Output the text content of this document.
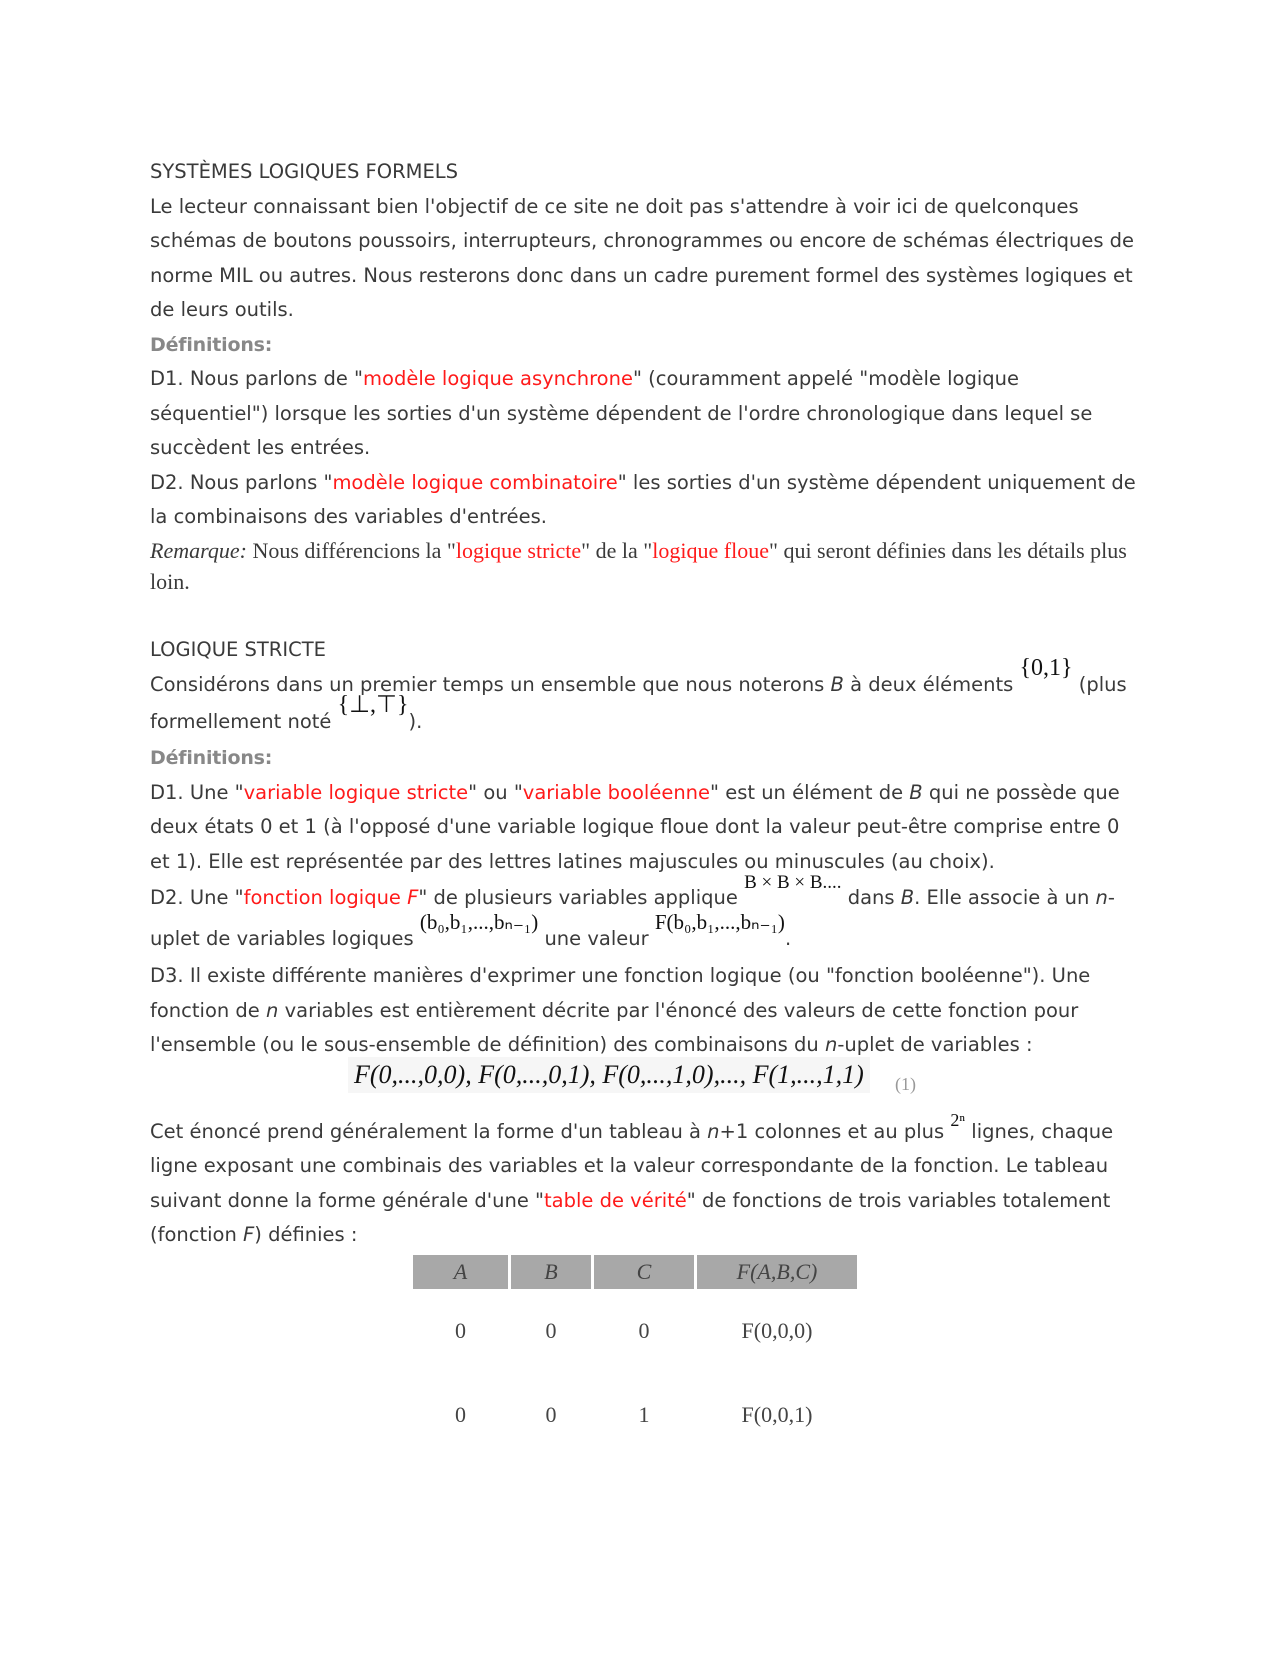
SYSTÈMES LOGIQUES FORMELS

Le lecteur connaissant bien l'objectif de ce site ne doit pas s'attendre à voir ici de quelconques schémas de boutons poussoirs, interrupteurs, chronogrammes ou encore de schémas électriques de norme MIL ou autres. Nous resterons donc dans un cadre purement formel des systèmes logiques et de leurs outils.

Définitions:

D1. Nous parlons de "modèle logique asynchrone" (couramment appelé "modèle logique séquentiel") lorsque les sorties d'un système dépendent de l'ordre chronologique dans lequel se succèdent les entrées.

D2. Nous parlons "modèle logique combinatoire" les sorties d'un système dépendent uniquement de la combinaisons des variables d'entrées.

Remarque: Nous différencions la "logique stricte" de la "logique floue" qui seront définies dans les détails plus loin.

LOGIQUE STRICTE

Considérons dans un premier temps un ensemble que nous noterons B à deux éléments {0,1} (plus formellement noté {⊥,⊤}).

Définitions:

D1. Une "variable logique stricte" ou "variable booléenne" est un élément de B qui ne possède que deux états 0 et 1 (à l'opposé d'une variable logique floue dont la valeur peut-être comprise entre 0 et 1). Elle est représentée par des lettres latines majuscules ou minuscules (au choix).

D2. Une "fonction logique F" de plusieurs variables applique B × B × B.... dans B. Elle associe à un n-uplet de variables logiques (b₀,b₁,...,bₙ₋₁) une valeur F(b₀,b₁,...,bₙ₋₁).

D3. Il existe différente manières d'exprimer une fonction logique (ou "fonction booléenne"). Une fonction de n variables est entièrement décrite par l'énoncé des valeurs de cette fonction pour l'ensemble (ou le sous-ensemble de définition) des combinaisons du n-uplet de variables :

F(0,...,0,0), F(0,...,0,1), F(0,...,1,0),..., F(1,...,1,1)	(1)

Cet énoncé prend généralement la forme d'un tableau à n+1 colonnes et au plus 2ⁿ lignes, chaque ligne exposant une combinais des variables et la valeur correspondante de la fonction. Le tableau suivant donne la forme générale d'une "table de vérité" de fonctions de trois variables totalement (fonction F) définies :

A	B	C	F(A,B,C)
0	0	0	F(0,0,0)
0	0	1	F(0,0,1)
